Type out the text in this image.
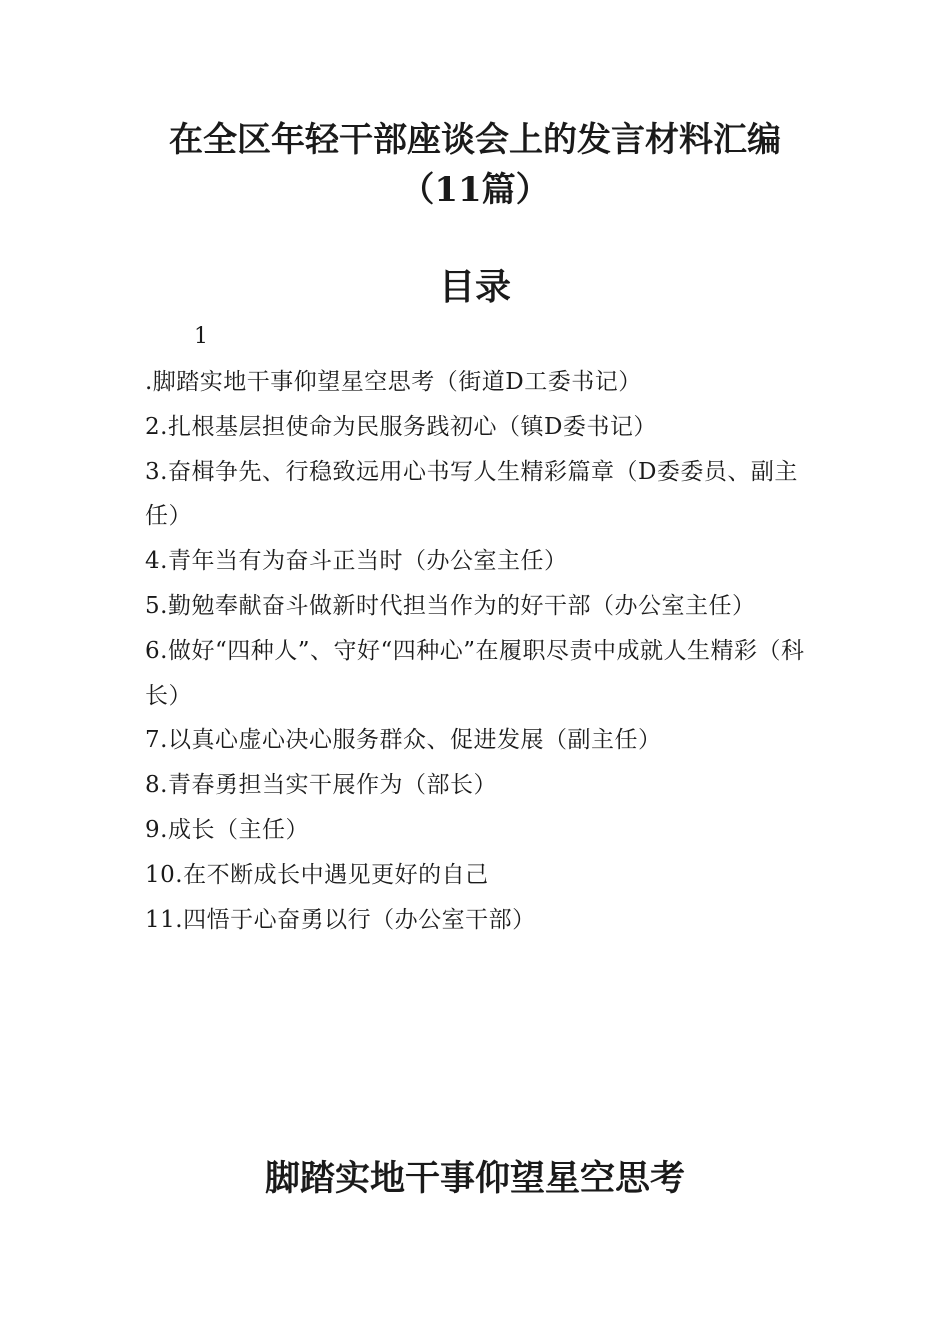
在全区年轻干部座谈会上的发言材料汇编
（11篇）
目录
1
.脚踏实地干事仰望星空思考（街道D工委书记）
2.扎根基层担使命为民服务践初心（镇D委书记）
3.奋楫争先、行稳致远用心书写人生精彩篇章（D委委员、副主任）
4.青年当有为奋斗正当时（办公室主任）
5.勤勉奉献奋斗做新时代担当作为的好干部（办公室主任）
6.做好“四种人”、守好“四种心”在履职尽责中成就人生精彩（科长）
7.以真心虚心决心服务群众、促进发展（副主任）
8.青春勇担当实干展作为（部长）
9.成长（主任）
10.在不断成长中遇见更好的自己
11.四悟于心奋勇以行（办公室干部）
脚踏实地干事仰望星空思考
